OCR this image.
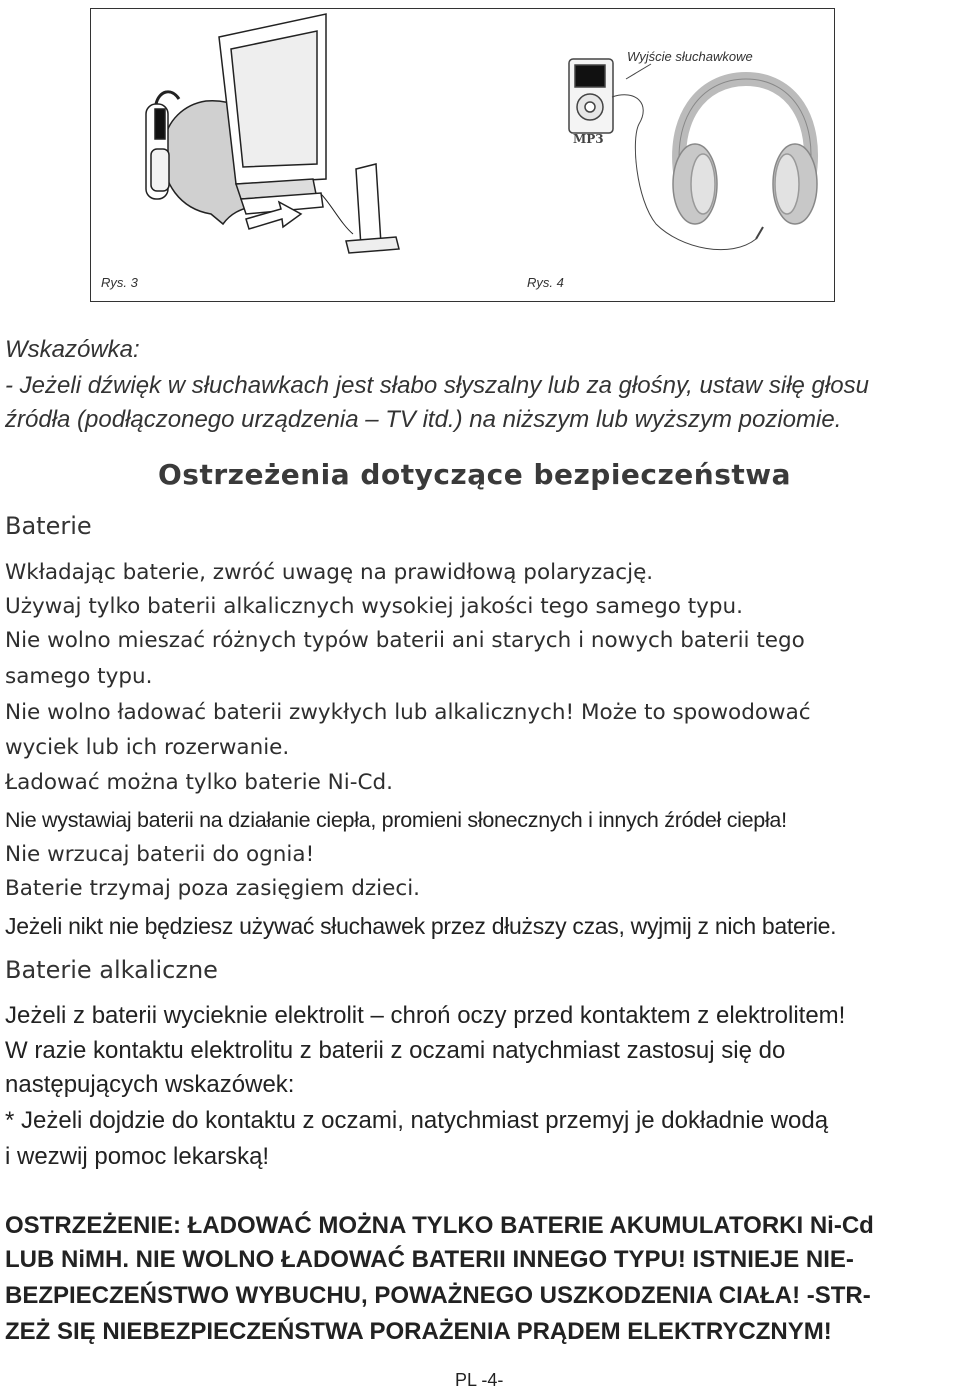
Rys. 3
MP3
Wyjście słuchawkowe
Rys. 4
Wskazówka:
- Jeżeli dźwięk w słuchawkach jest słabo słyszalny lub za głośny, ustaw siłę głosu
źródła (podłączonego urządzenia – TV itd.) na niższym lub wyższym poziomie.
Ostrzeżenia dotyczące bezpieczeństwa
Baterie
Wkładając baterie, zwróć uwagę na prawidłową polaryzację.
Używaj tylko baterii alkalicznych wysokiej jakości tego samego typu.
Nie wolno mieszać różnych typów baterii ani starych i nowych baterii tego
samego typu.
Nie wolno ładować baterii zwykłych lub alkalicznych! Może to spowodować
wyciek lub ich rozerwanie.
Ładować można tylko baterie Ni-Cd.
Nie wystawiaj baterii na działanie ciepła, promieni słonecznych i innych źródeł ciepła!
Nie wrzucaj baterii do ognia!
Baterie trzymaj poza zasięgiem dzieci.
Jeżeli nikt nie będziesz używać słuchawek przez dłuższy czas, wyjmij z nich baterie.
Baterie alkaliczne
Jeżeli z baterii wycieknie elektrolit – chroń oczy przed kontaktem z elektrolitem!
W razie kontaktu elektrolitu z baterii z oczami natychmiast zastosuj się do
następujących wskazówek:
* Jeżeli dojdzie do kontaktu z oczami, natychmiast przemyj je dokładnie wodą
i wezwij pomoc lekarską!
OSTRZEŻENIE: ŁADOWAĆ MOŻNA TYLKO BATERIE AKUMULATORKI Ni-Cd
LUB NiMH. NIE WOLNO ŁADOWAĆ BATERII INNEGO TYPU! ISTNIEJE NIE-
BEZPIECZEŃSTWO WYBUCHU, POWAŻNEGO USZKODZENIA CIAŁA! -STR-
ZEŻ SIĘ NIEBEZPIECZEŃSTWA PORAŻENIA PRĄDEM ELEKTRYCZNYM!
PL -4-
